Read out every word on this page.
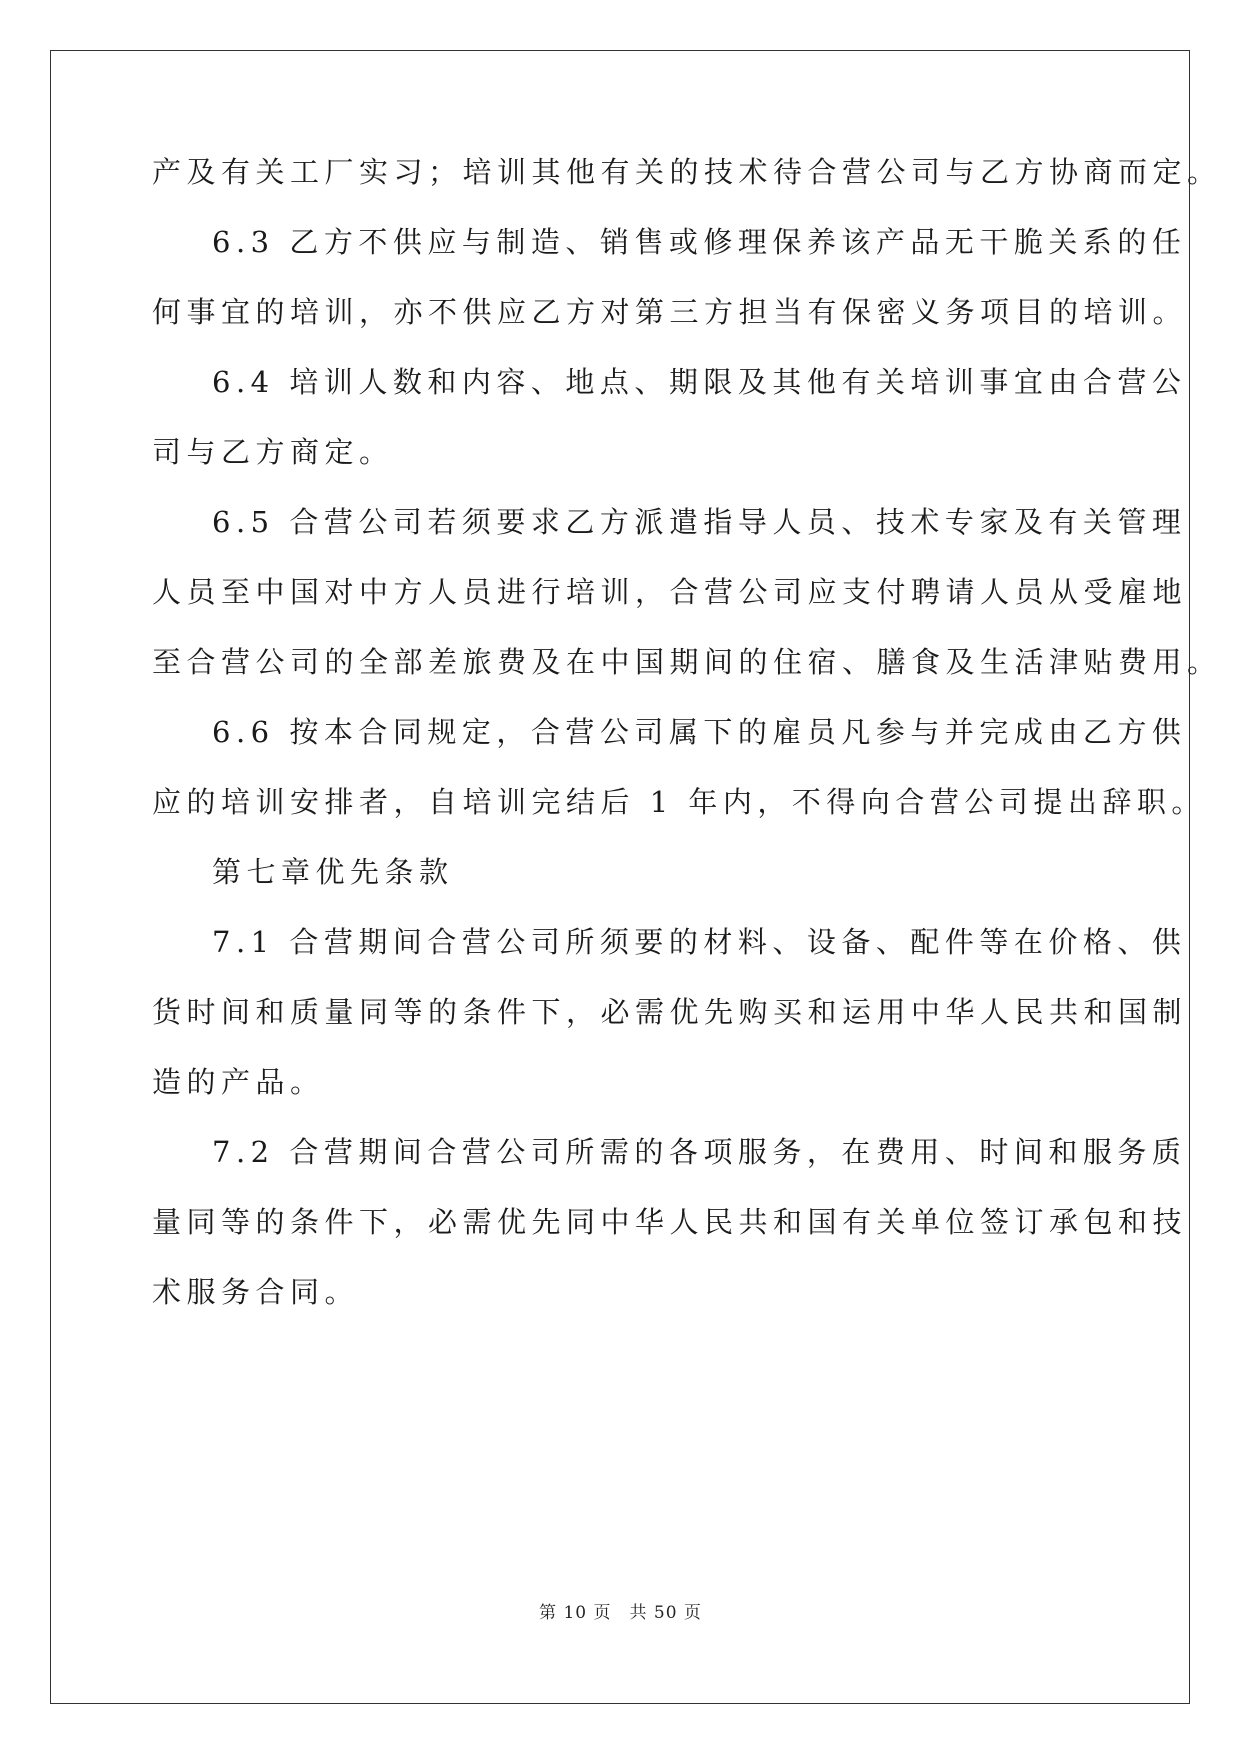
产及有关工厂实习；培训其他有关的技术待合营公司与乙方协商而定。
6.3 乙方不供应与制造、销售或修理保养该产品无干脆关系的任
何事宜的培训，亦不供应乙方对第三方担当有保密义务项目的培训。
6.4 培训人数和内容、地点、期限及其他有关培训事宜由合营公
司与乙方商定。
6.5 合营公司若须要求乙方派遣指导人员、技术专家及有关管理
人员至中国对中方人员进行培训，合营公司应支付聘请人员从受雇地
至合营公司的全部差旅费及在中国期间的住宿、膳食及生活津贴费用。
6.6 按本合同规定，合营公司属下的雇员凡参与并完成由乙方供
应的培训安排者，自培训完结后 1 年内，不得向合营公司提出辞职。
第七章优先条款
7.1 合营期间合营公司所须要的材料、设备、配件等在价格、供
货时间和质量同等的条件下，必需优先购买和运用中华人民共和国制
造的产品。
7.2 合营期间合营公司所需的各项服务，在费用、时间和服务质
量同等的条件下，必需优先同中华人民共和国有关单位签订承包和技
术服务合同。
第 10 页　共 50 页
